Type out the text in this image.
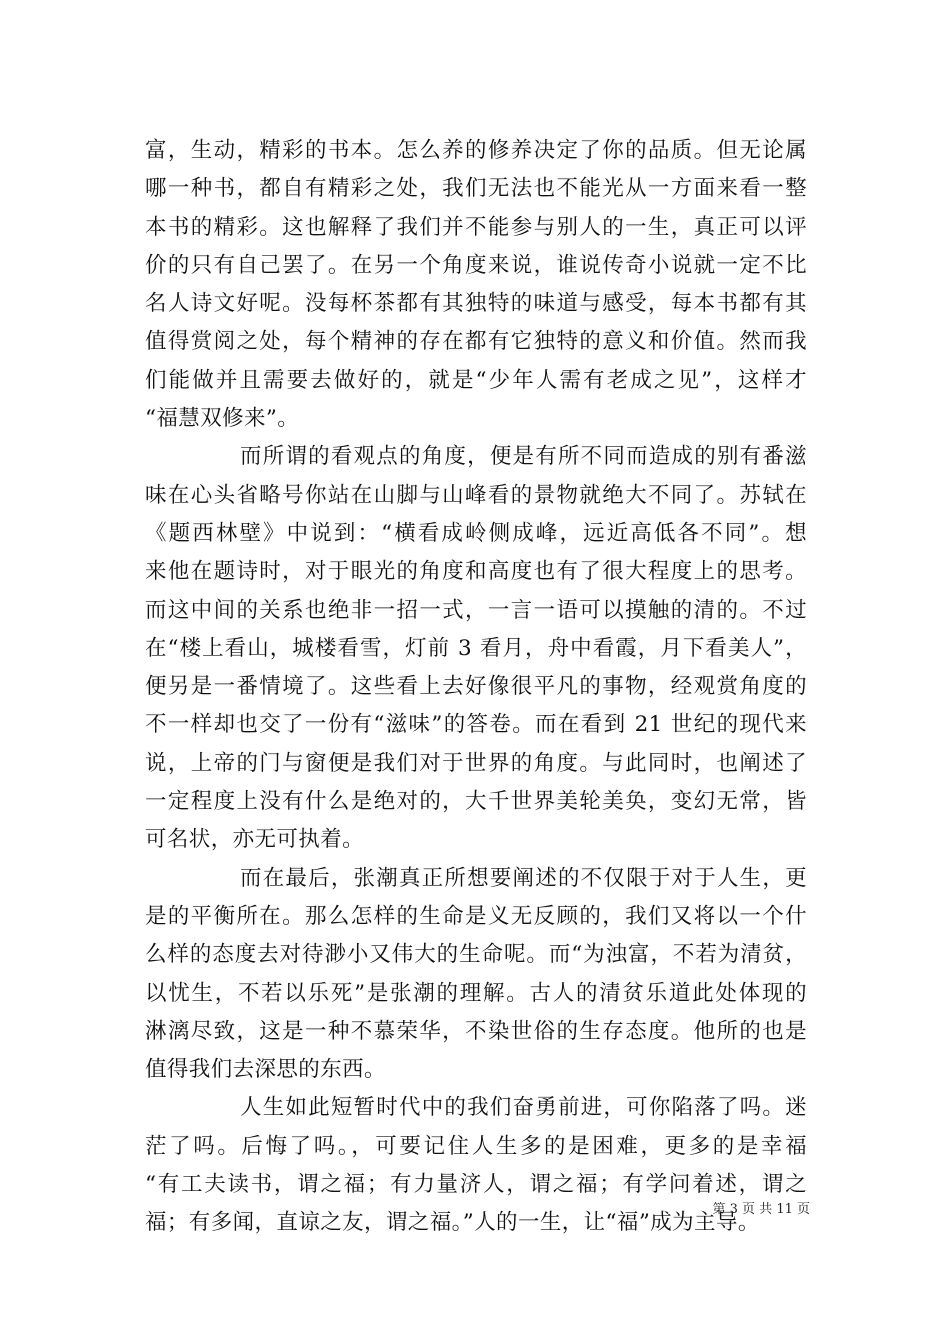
富，生动，精彩的书本。怎么养的修养决定了你的品质。但无论属
哪一种书，都自有精彩之处，我们无法也不能光从一方面来看一整
本书的精彩。这也解释了我们并不能参与别人的一生，真正可以评
价的只有自己罢了。在另一个角度来说，谁说传奇小说就一定不比
名人诗文好呢。没每杯茶都有其独特的味道与感受，每本书都有其
值得赏阅之处，每个精神的存在都有它独特的意义和价值。然而我
们能做并且需要去做好的，就是“少年人需有老成之见”，这样才
“福慧双修来”。
而所谓的看观点的角度，便是有所不同而造成的别有番滋
味在心头省略号你站在山脚与山峰看的景物就绝大不同了。苏轼在
《题西林壁》中说到：“横看成岭侧成峰，远近高低各不同”。想
来他在题诗时，对于眼光的角度和高度也有了很大程度上的思考。
而这中间的关系也绝非一招一式，一言一语可以摸触的清的。不过
在“楼上看山，城楼看雪，灯前 3 看月，舟中看霞，月下看美人”，
便另是一番情境了。这些看上去好像很平凡的事物，经观赏角度的
不一样却也交了一份有“滋味”的答卷。而在看到 21 世纪的现代来
说，上帝的门与窗便是我们对于世界的角度。与此同时，也阐述了
一定程度上没有什么是绝对的，大千世界美轮美奂，变幻无常，皆
可名状，亦无可执着。
而在最后，张潮真正所想要阐述的不仅限于对于人生，更
是的平衡所在。那么怎样的生命是义无反顾的，我们又将以一个什
么样的态度去对待渺小又伟大的生命呢。而“为浊富，不若为清贫，
以忧生，不若以乐死”是张潮的理解。古人的清贫乐道此处体现的
淋漓尽致，这是一种不慕荣华，不染世俗的生存态度。他所的也是
值得我们去深思的东西。
人生如此短暂时代中的我们奋勇前进，可你陷落了吗。迷
茫了吗。后悔了吗。，可要记住人生多的是困难，更多的是幸福
“有工夫读书，谓之福；有力量济人，谓之福；有学问着述，谓之
福；有多闻，直谅之友，谓之福。”人的一生，让“福”成为主导。
第 3 页 共 11 页
